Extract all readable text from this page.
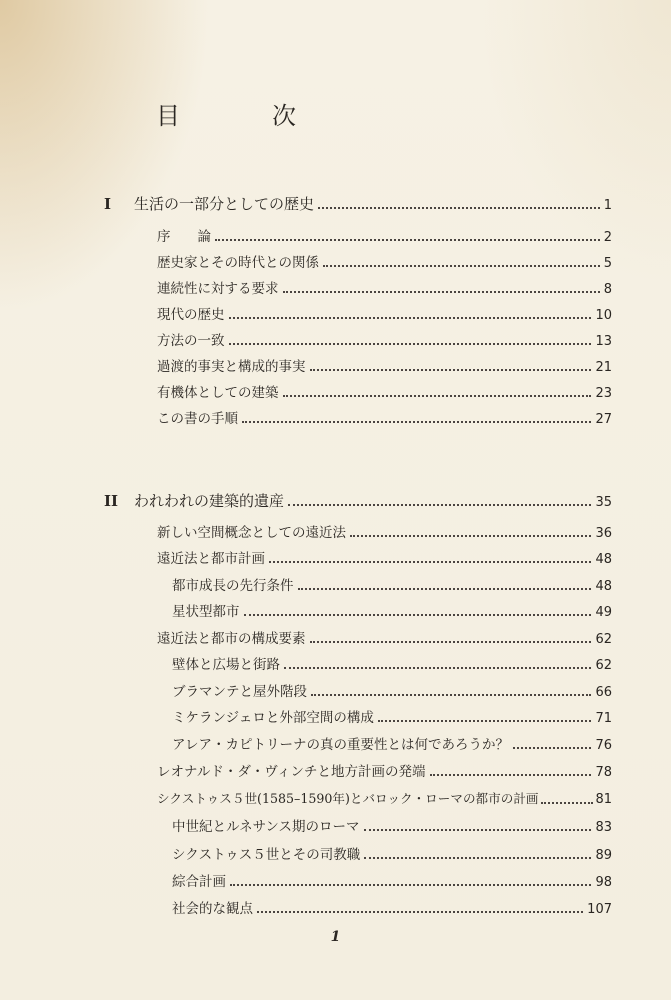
目	次
I	生活の一部分としての歴史	1
序　　論	2
歴史家とその時代との関係	5
連続性に対する要求	8
現代の歴史	10
方法の一致	13
過渡的事実と構成的事実	21
有機体としての建築	23
この書の手順	27
II	われわれの建築的遺産	35
新しい空間概念としての遠近法	36
遠近法と都市計画	48
都市成長の先行条件	48
星状型都市	49
遠近法と都市の構成要素	62
壁体と広場と街路	62
ブラマンテと屋外階段	66
ミケランジェロと外部空間の構成	71
アレア・カピトリーナの真の重要性とは何であろうか？	76
レオナルド・ダ・ヴィンチと地方計画の発端	78
シクストゥス５世(1585–1590年)とバロック・ローマの都市の計画	81
中世紀とルネサンス期のローマ	83
シクストゥス５世とその司教職	89
綜合計画	98
社会的な観点	107
1
